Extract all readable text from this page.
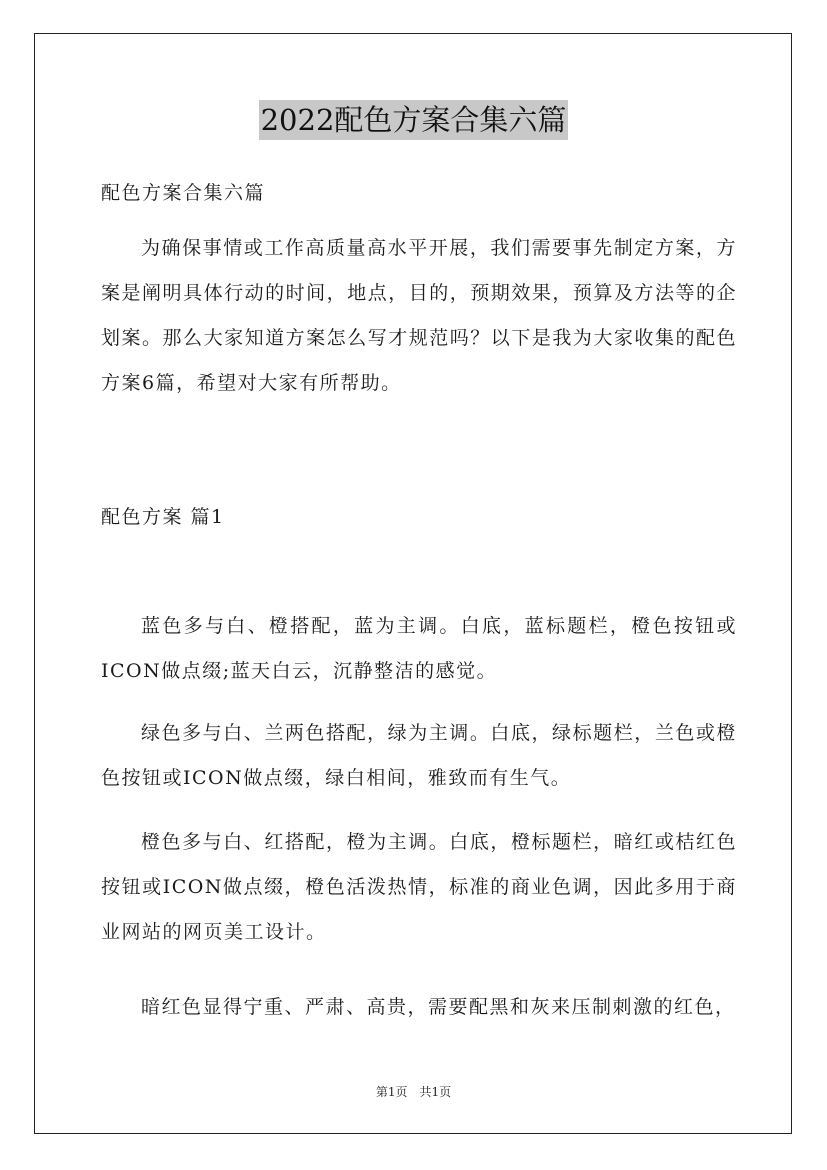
2022配色方案合集六篇

配色方案合集六篇

为确保事情或工作高质量高水平开展，我们需要事先制定方案，方案是阐明具体行动的时间，地点，目的，预期效果，预算及方法等的企划案。那么大家知道方案怎么写才规范吗？以下是我为大家收集的配色方案6篇，希望对大家有所帮助。

配色方案 篇1

蓝色多与白、橙搭配，蓝为主调。白底，蓝标题栏，橙色按钮或ICON做点缀;蓝天白云，沉静整洁的感觉。

绿色多与白、兰两色搭配，绿为主调。白底，绿标题栏，兰色或橙色按钮或ICON做点缀，绿白相间，雅致而有生气。

橙色多与白、红搭配，橙为主调。白底，橙标题栏，暗红或桔红色按钮或ICON做点缀，橙色活泼热情，标准的商业色调，因此多用于商业网站的网页美工设计。

暗红色显得宁重、严肃、高贵，需要配黑和灰来压制刺激的红色，

第1页　共1页
